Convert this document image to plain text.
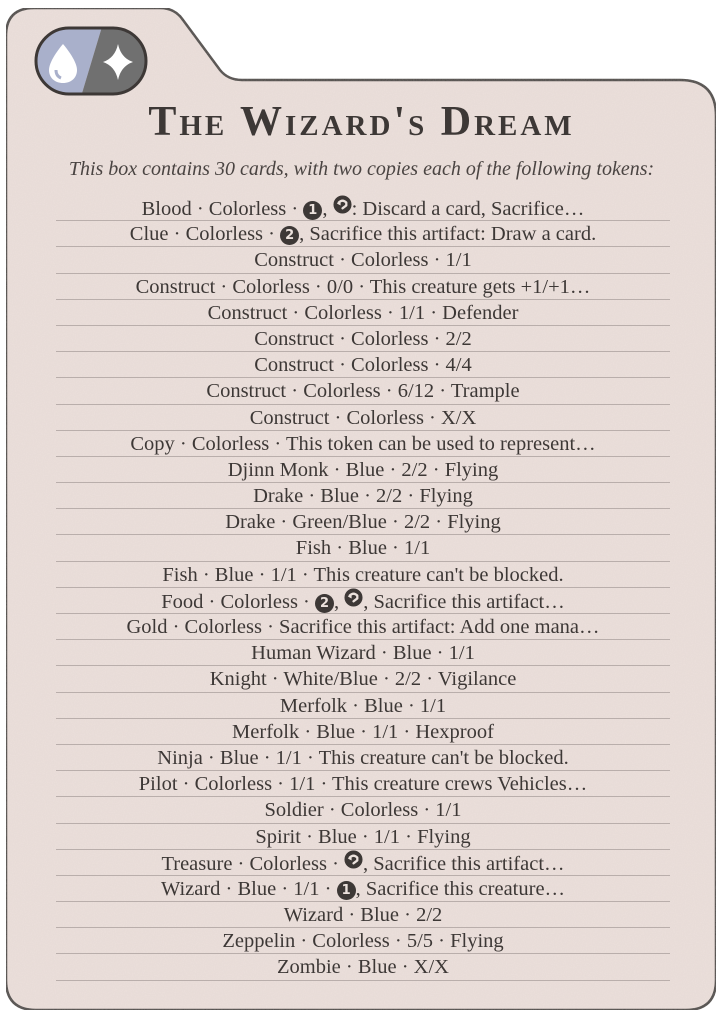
The Wizard's Dream

This box contains 30 cards, with two copies each of the following tokens:

Blood · Colorless · 1 , : Discard a card, Sacrifice…
Clue · Colorless · 2 , Sacrifice this artifact: Draw a card.
Construct · Colorless · 1/1
Construct · Colorless · 0/0 · This creature gets +1/+1…
Construct · Colorless · 1/1 · Defender
Construct · Colorless · 2/2
Construct · Colorless · 4/4
Construct · Colorless · 6/12 · Trample
Construct · Colorless · X/X
Copy · Colorless · This token can be used to represent…
Djinn Monk · Blue · 2/2 · Flying
Drake · Blue · 2/2 · Flying
Drake · Green/Blue · 2/2 · Flying
Fish · Blue · 1/1
Fish · Blue · 1/1 · This creature can't be blocked.
Food · Colorless · 2 , , Sacrifice this artifact…
Gold · Colorless · Sacrifice this artifact: Add one mana…
Human Wizard · Blue · 1/1
Knight · White/Blue · 2/2 · Vigilance
Merfolk · Blue · 1/1
Merfolk · Blue · 1/1 · Hexproof
Ninja · Blue · 1/1 · This creature can't be blocked.
Pilot · Colorless · 1/1 · This creature crews Vehicles…
Soldier · Colorless · 1/1
Spirit · Blue · 1/1 · Flying
Treasure · Colorless · , Sacrifice this artifact…
Wizard · Blue · 1/1 · 1 , Sacrifice this creature…
Wizard · Blue · 2/2
Zeppelin · Colorless · 5/5 · Flying
Zombie · Blue · X/X
